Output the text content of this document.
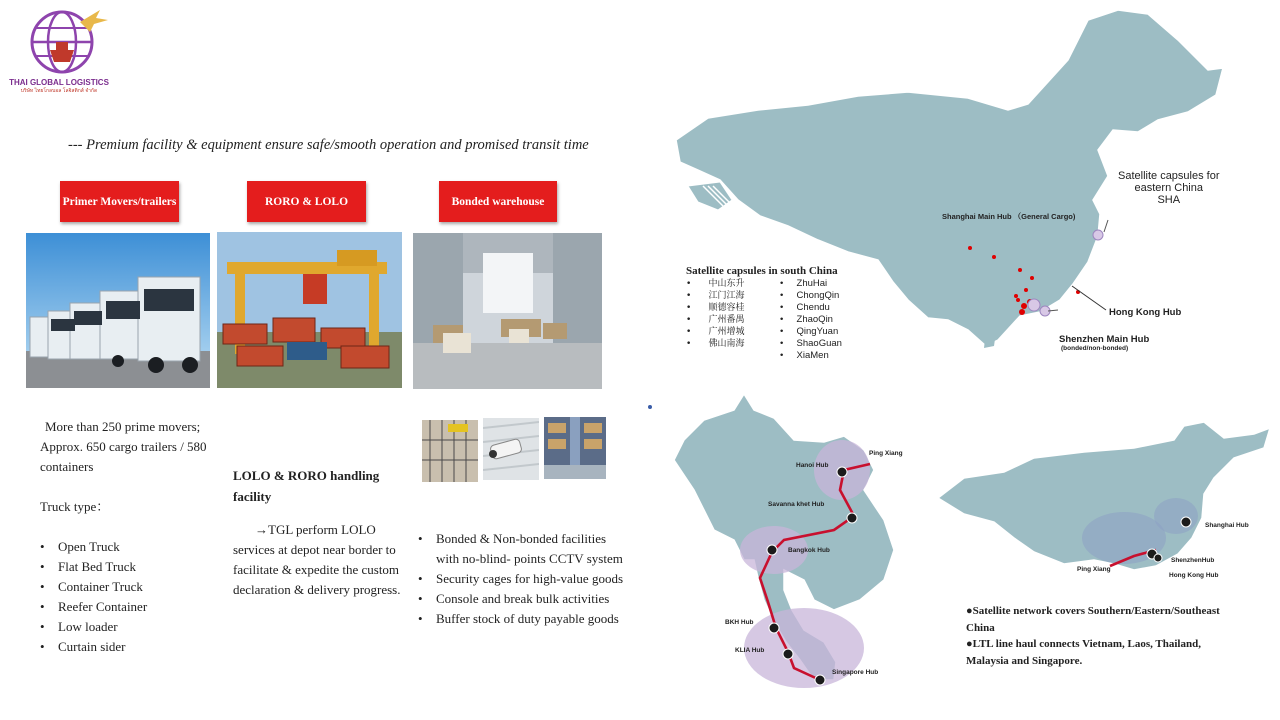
THAI GLOBAL LOGISTICS
บริษัท ไทยโกลบอล โลจิสติกส์ จำกัด
--- Premium facility & equipment ensure safe/smooth operation and promised transit time
Primer Movers/trailers	RORO & LOLO	Bonded warehouse
More than 250 prime movers;
Approx. 650 cargo trailers / 580
containers
Truck type：
• Open Truck
• Flat Bed Truck
• Container Truck
• Reefer Container
• Low loader
• Curtain sider
LOLO & RORO handling
facility
→TGL perform LOLO
services at depot near border to
facilitate & expedite the custom
declaration & delivery progress.
• Bonded & Non-bonded facilities
with no-blind- points CCTV system
• Security cages for high-value goods
• Console and break bulk activities
• Buffer stock of duty payable goods
Satellite capsules for
eastern China
SHA
Shanghai Main Hub （General Cargo)
Hong Kong Hub
Shenzhen Main Hub
(bonded/non-bonded)
Satellite capsules in south China
•      中山东升
•      江门江海
•      顺德容桂
•      广州番禺
•      广州增城
•      佛山南海
•     ZhuHai
•     ChongQin
•     Chendu
•     ZhaoQin
•     QingYuan
•     ShaoGuan
•     XiaMen
Ping Xiang
Hanoi Hub
Savanna khet Hub
Bangkok Hub
BKH Hub
KLIA Hub
Singapore Hub
Shanghai Hub
ShenzhenHub
Hong Kong Hub
Ping Xiang
●Satellite network covers Southern/Eastern/Southeast
China
●LTL line haul connects Vietnam, Laos, Thailand,
Malaysia and Singapore.
